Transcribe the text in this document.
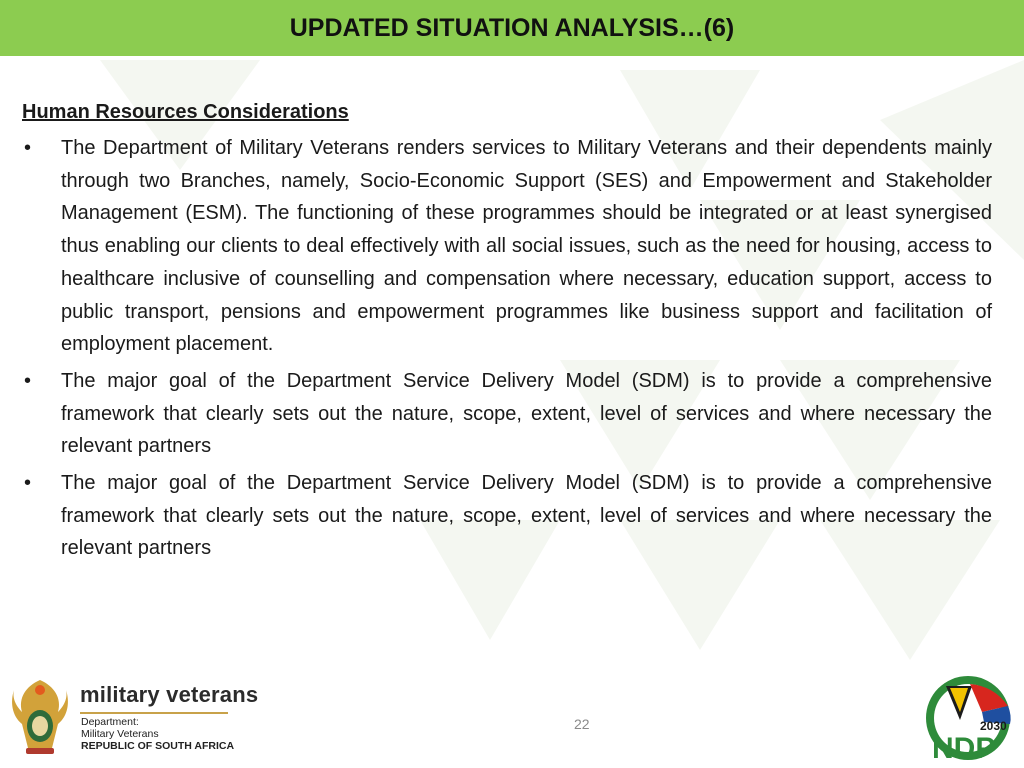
UPDATED SITUATION ANALYSIS…(6)
Human Resources Considerations
• The Department of Military Veterans renders services to Military Veterans and their dependents mainly through two Branches, namely, Socio-Economic Support (SES) and Empowerment and Stakeholder Management (ESM). The functioning of these programmes should be integrated or at least synergised thus enabling our clients to deal effectively with all social issues, such as the need for housing, access to healthcare inclusive of counselling and compensation where necessary, education support, access to public transport, pensions and empowerment programmes like business support and facilitation of employment placement.
• The major goal of the Department Service Delivery Model (SDM) is to provide a comprehensive framework that clearly sets out the nature, scope, extent, level of services and where necessary the relevant partners
• The major goal of the Department Service Delivery Model (SDM) is to provide a comprehensive framework that clearly sets out the nature, scope, extent, level of services and where necessary the relevant partners
military veterans
Department:
Military Veterans
REPUBLIC OF SOUTH AFRICA
22	2030
NDP
